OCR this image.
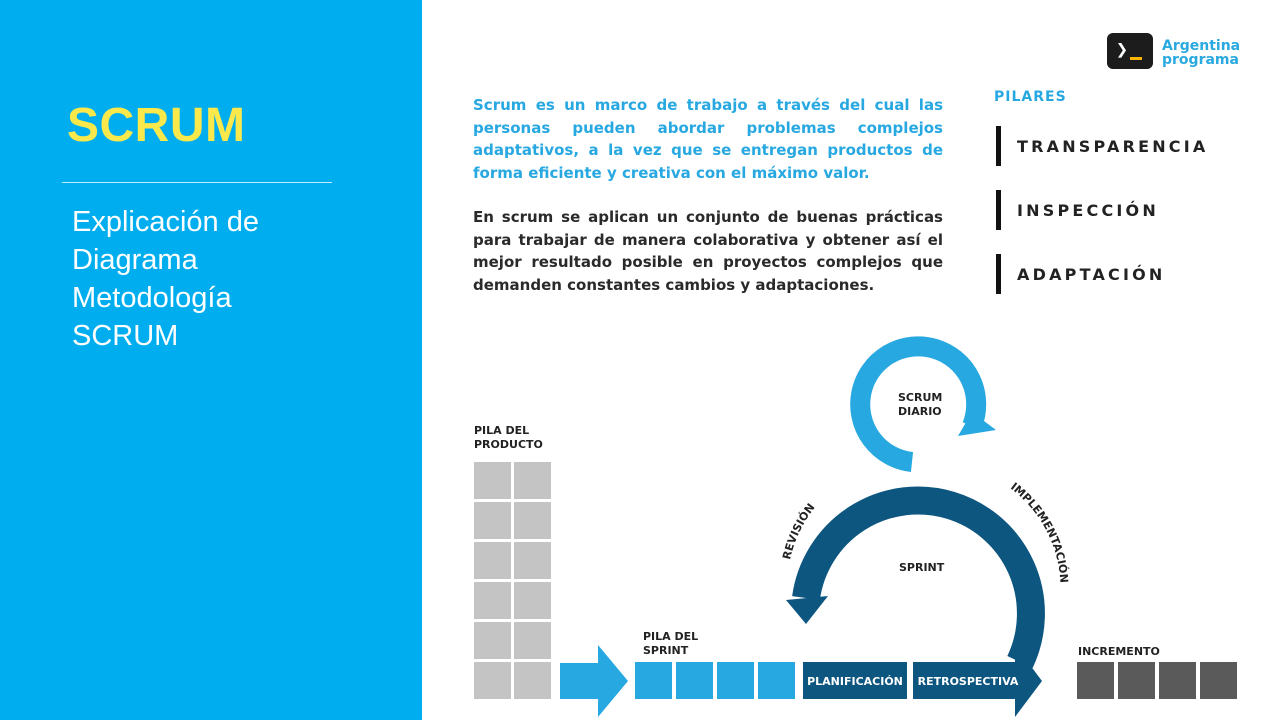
SCRUM
Explicación de
Diagrama
Metodología
SCRUM
❯ Argentina
programa

Scrum es un marco de trabajo a través del cual las personas pueden abordar problemas complejos adaptativos, a la vez que se entregan productos de forma eficiente y creativa con el máximo valor.

En scrum se aplican un conjunto de buenas prácticas para trabajar de manera colaborativa y obtener así el mejor resultado posible en proyectos complejos que demanden constantes cambios y adaptaciones.

PILARES
TRANSPARENCIA
INSPECCIÓN
ADAPTACIÓN
PILA DEL
PRODUCTO
PILA DEL
SPRINT
SCRUM
DIARIO
SPRINT
REVISIÓN
IMPLEMENTACIÓN
PLANIFICACIÓN RETROSPECTIVA
INCREMENTO
